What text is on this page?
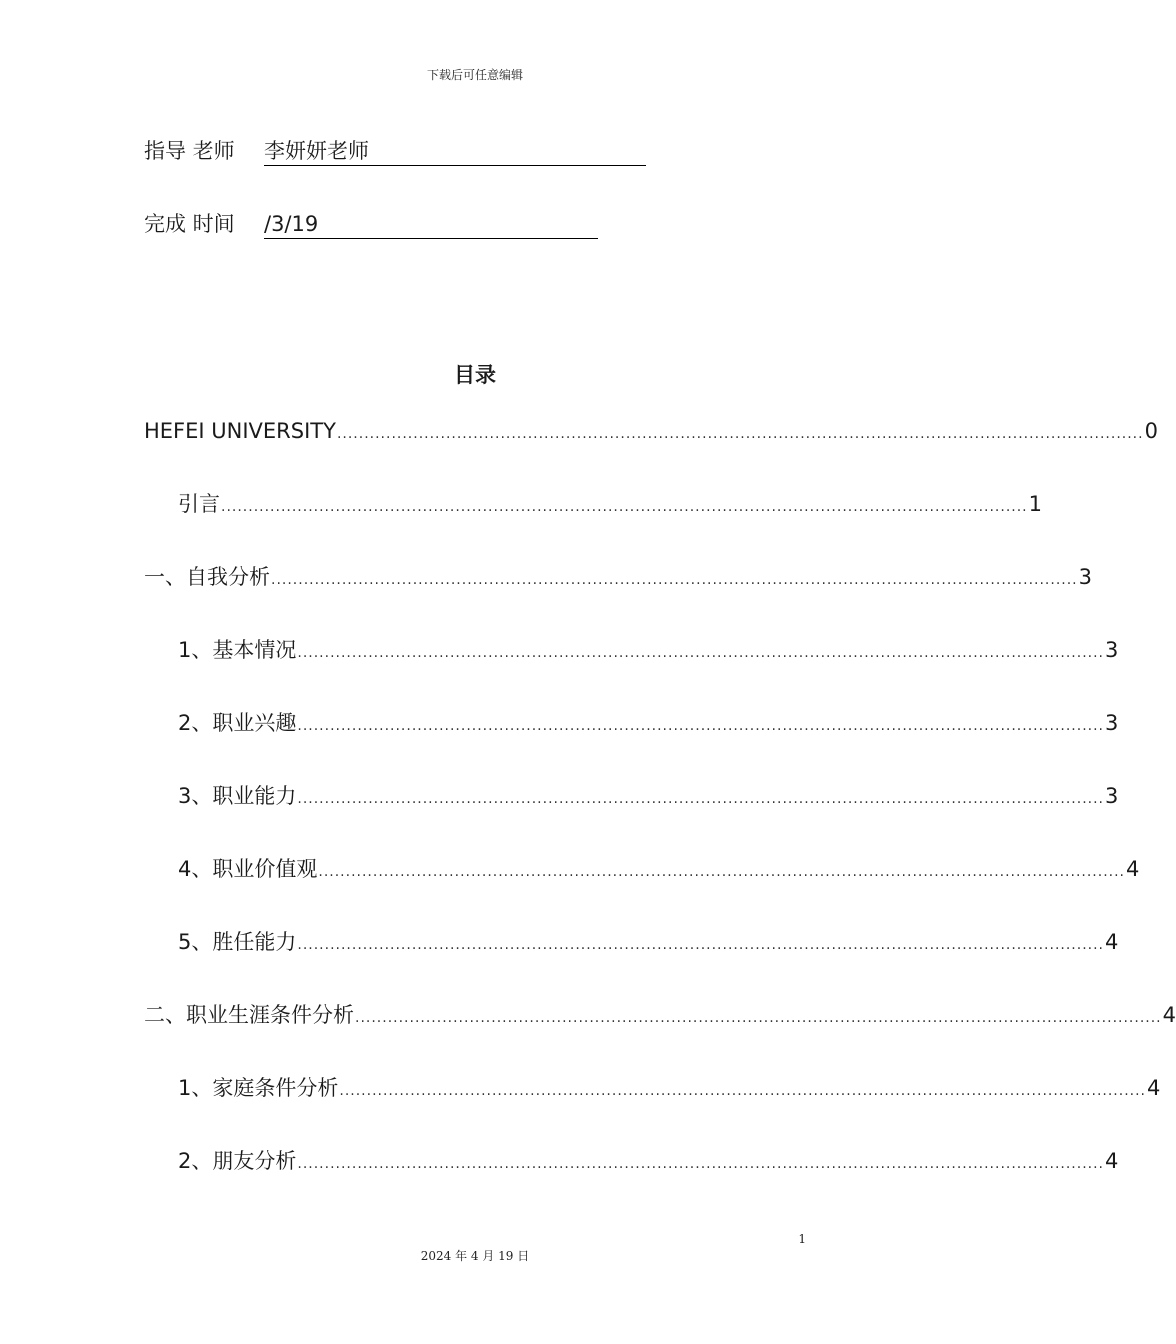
下载后可任意编辑
指导 老师 李妍妍老师
完成 时间 /3/19
目录
HEFEI UNIVERSITY .................................................................................................................................................... 0
引言 .................................................................................................................................................... 1
一、自我分析 .................................................................................................................................................... 3
1、基本情况 .................................................................................................................................................... 3
2、职业兴趣 .................................................................................................................................................... 3
3、职业能力 .................................................................................................................................................... 3
4、职业价值观 .................................................................................................................................................... 4
5、胜任能力 .................................................................................................................................................... 4
二、职业生涯条件分析 .................................................................................................................................................... 4
1、家庭条件分析 .................................................................................................................................................... 4
2、朋友分析 .................................................................................................................................................... 4
1
2024 年 4 月 19 日
